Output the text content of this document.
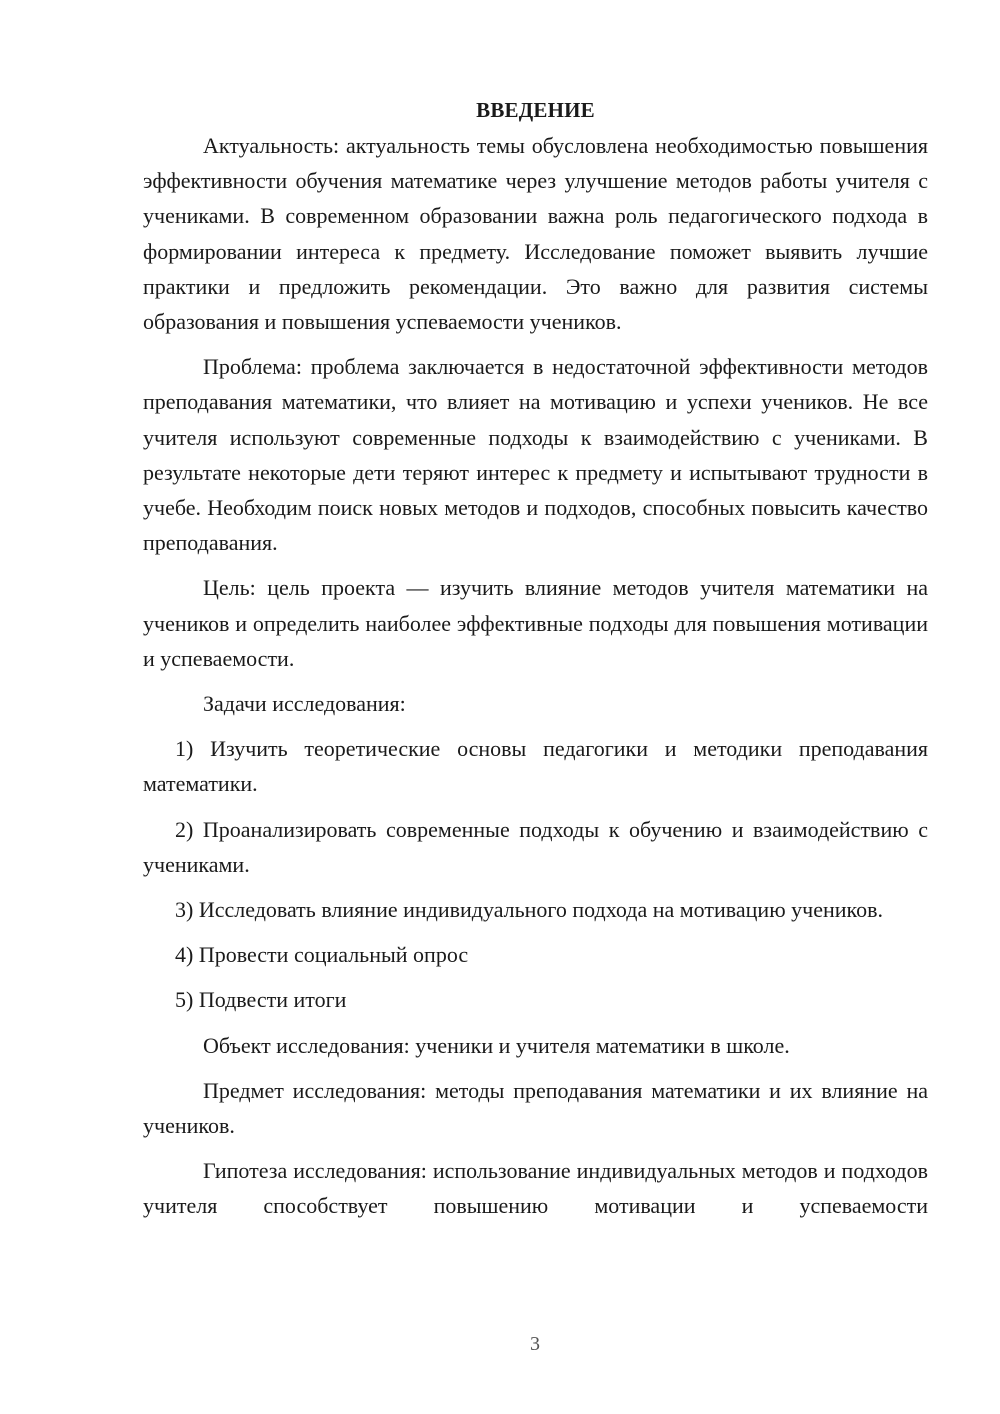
ВВЕДЕНИЕ

Актуальность: актуальность темы обусловлена необходимостью повышения эффективности обучения математике через улучшение методов работы учителя с учениками. В современном образовании важна роль педагогического подхода в формировании интереса к предмету. Исследование поможет выявить лучшие практики и предложить рекомендации. Это важно для развития системы образования и повышения успеваемости учеников.

Проблема: проблема заключается в недостаточной эффективности методов преподавания математики, что влияет на мотивацию и успехи учеников. Не все учителя используют современные подходы к взаимодействию с учениками. В результате некоторые дети теряют интерес к предмету и испытывают трудности в учебе. Необходим поиск новых методов и подходов, способных повысить качество преподавания.

Цель: цель проекта — изучить влияние методов учителя математики на учеников и определить наиболее эффективные подходы для повышения мотивации и успеваемости.

Задачи исследования:

1) Изучить теоретические основы педагогики и методики преподавания математики.

2) Проанализировать современные подходы к обучению и взаимодействию с учениками.

3) Исследовать влияние индивидуального подхода на мотивацию учеников.

4) Провести социальный опрос

5) Подвести итоги

Объект исследования: ученики и учителя математики в школе.

Предмет исследования: методы преподавания математики и их влияние на учеников.

Гипотеза исследования: использование индивидуальных методов и подходов учителя способствует повышению мотивации и успеваемости

3
